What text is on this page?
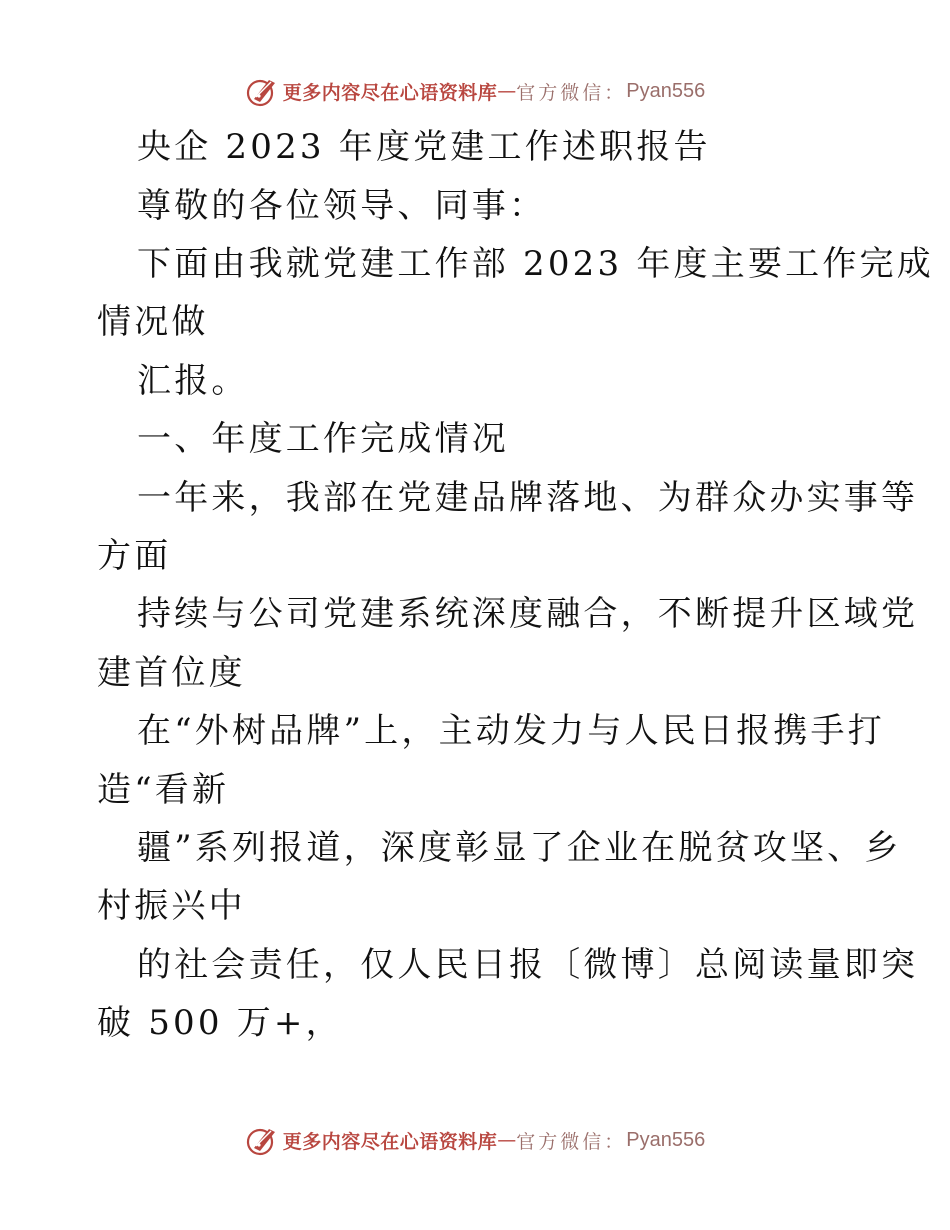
更多内容尽在心语资料库 — 官方微信： Pyan556
央企 2023 年度党建工作述职报告
尊敬的各位领导、同事：
下面由我就党建工作部 2023 年度主要工作完成
情况做
汇报。
一、年度工作完成情况
一年来，我部在党建品牌落地、为群众办实事等
方面
持续与公司党建系统深度融合，不断提升区域党
建首位度
在“外树品牌”上，主动发力与人民日报携手打
造“看新
疆”系列报道，深度彰显了企业在脱贫攻坚、乡
村振兴中
的社会责任，仅人民日报〔微博〕总阅读量即突
破 500 万+，
更多内容尽在心语资料库 — 官方微信： Pyan556
